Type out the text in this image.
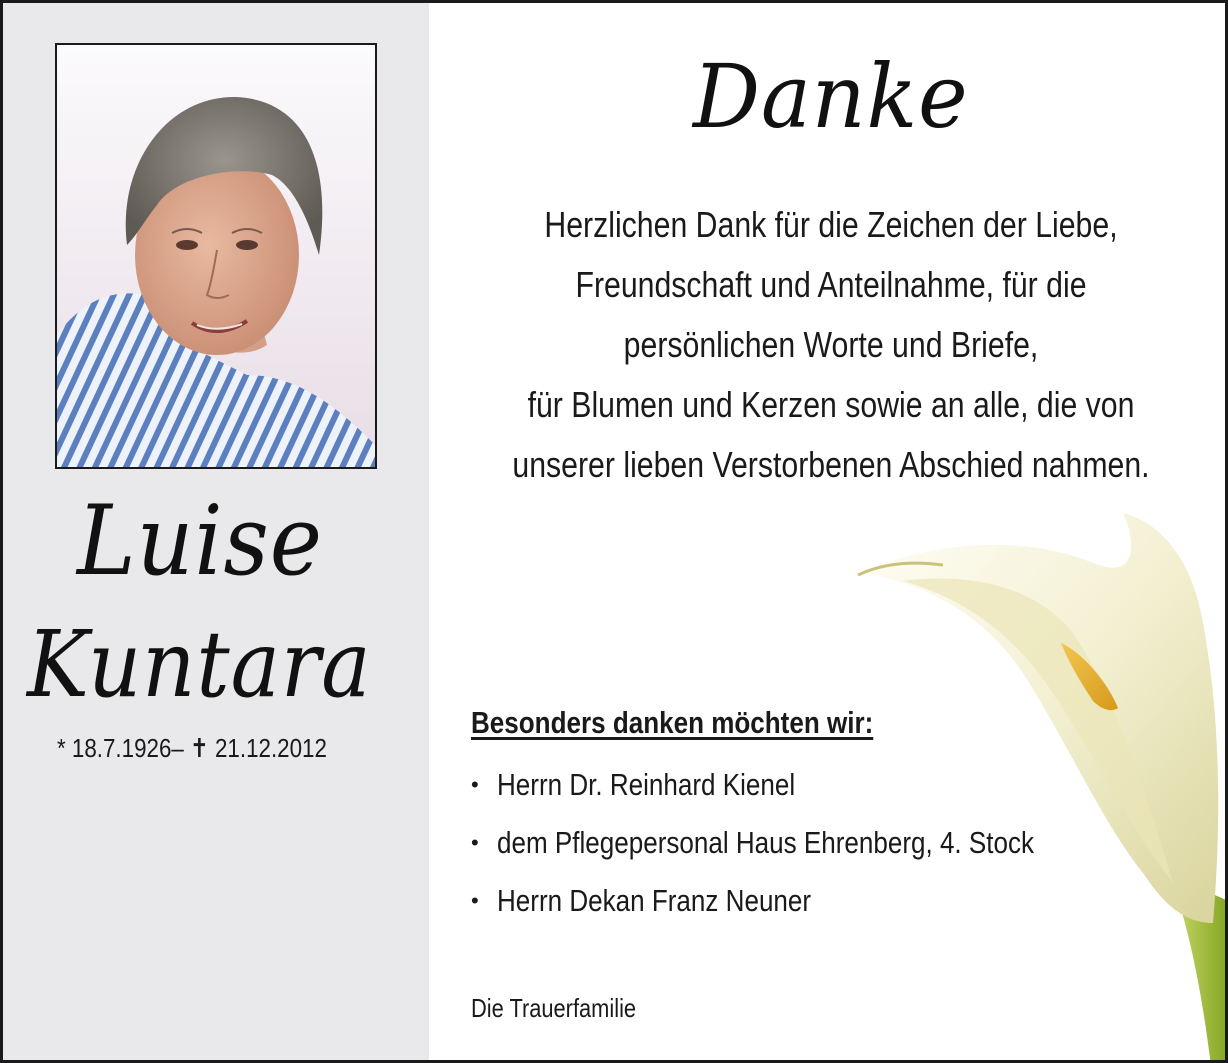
Luise
Kuntara
* 18.7.1926– ✝ 21.12.2012
Danke
Herzlichen Dank für die Zeichen der Liebe,
Freundschaft und Anteilnahme, für die
persönlichen Worte und Briefe,
für Blumen und Kerzen sowie an alle, die von
unserer lieben Verstorbenen Abschied nahmen.
Besonders danken möchten wir:
• Herrn Dr. Reinhard Kienel
• dem Pflegepersonal Haus Ehrenberg, 4. Stock
• Herrn Dekan Franz Neuner
Die Trauerfamilie
